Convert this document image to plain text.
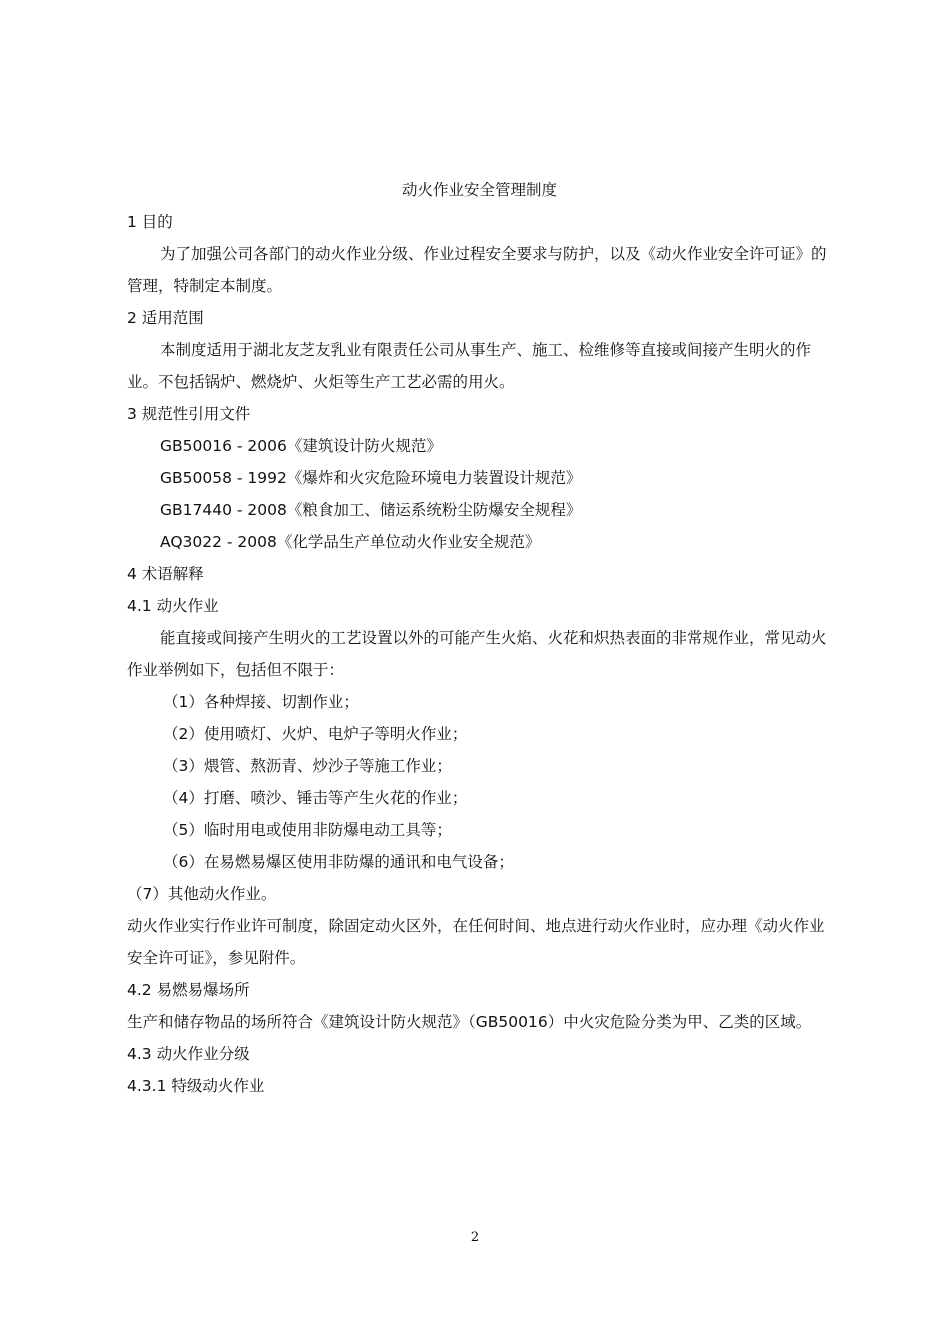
动火作业安全管理制度

1 目的

为了加强公司各部门的动火作业分级、作业过程安全要求与防护，以及《动火作业安全许可证》的管理，特制定本制度。

2 适用范围

本制度适用于湖北友芝友乳业有限责任公司从事生产、施工、检维修等直接或间接产生明火的作业。不包括锅炉、燃烧炉、火炬等生产工艺必需的用火。

3 规范性引用文件

GB50016 - 2006《建筑设计防火规范》

GB50058 - 1992《爆炸和火灾危险环境电力装置设计规范》

GB17440 - 2008《粮食加工、储运系统粉尘防爆安全规程》

AQ3022 - 2008《化学品生产单位动火作业安全规范》

4 术语解释

4.1 动火作业

能直接或间接产生明火的工艺设置以外的可能产生火焰、火花和炽热表面的非常规作业，常见动火作业举例如下，包括但不限于：

（1）各种焊接、切割作业；

（2）使用喷灯、火炉、电炉子等明火作业；

（3）煨管、熬沥青、炒沙子等施工作业；

（4）打磨、喷沙、锤击等产生火花的作业；

（5）临时用电或使用非防爆电动工具等；

（6）在易燃易爆区使用非防爆的通讯和电气设备；

（7）其他动火作业。

动火作业实行作业许可制度，除固定动火区外，在任何时间、地点进行动火作业时，应办理《动火作业安全许可证》，参见附件。

4.2 易燃易爆场所

生产和储存物品的场所符合《建筑设计防火规范》（GB50016）中火灾危险分类为甲、乙类的区域。

4.3 动火作业分级

4.3.1 特级动火作业

2
